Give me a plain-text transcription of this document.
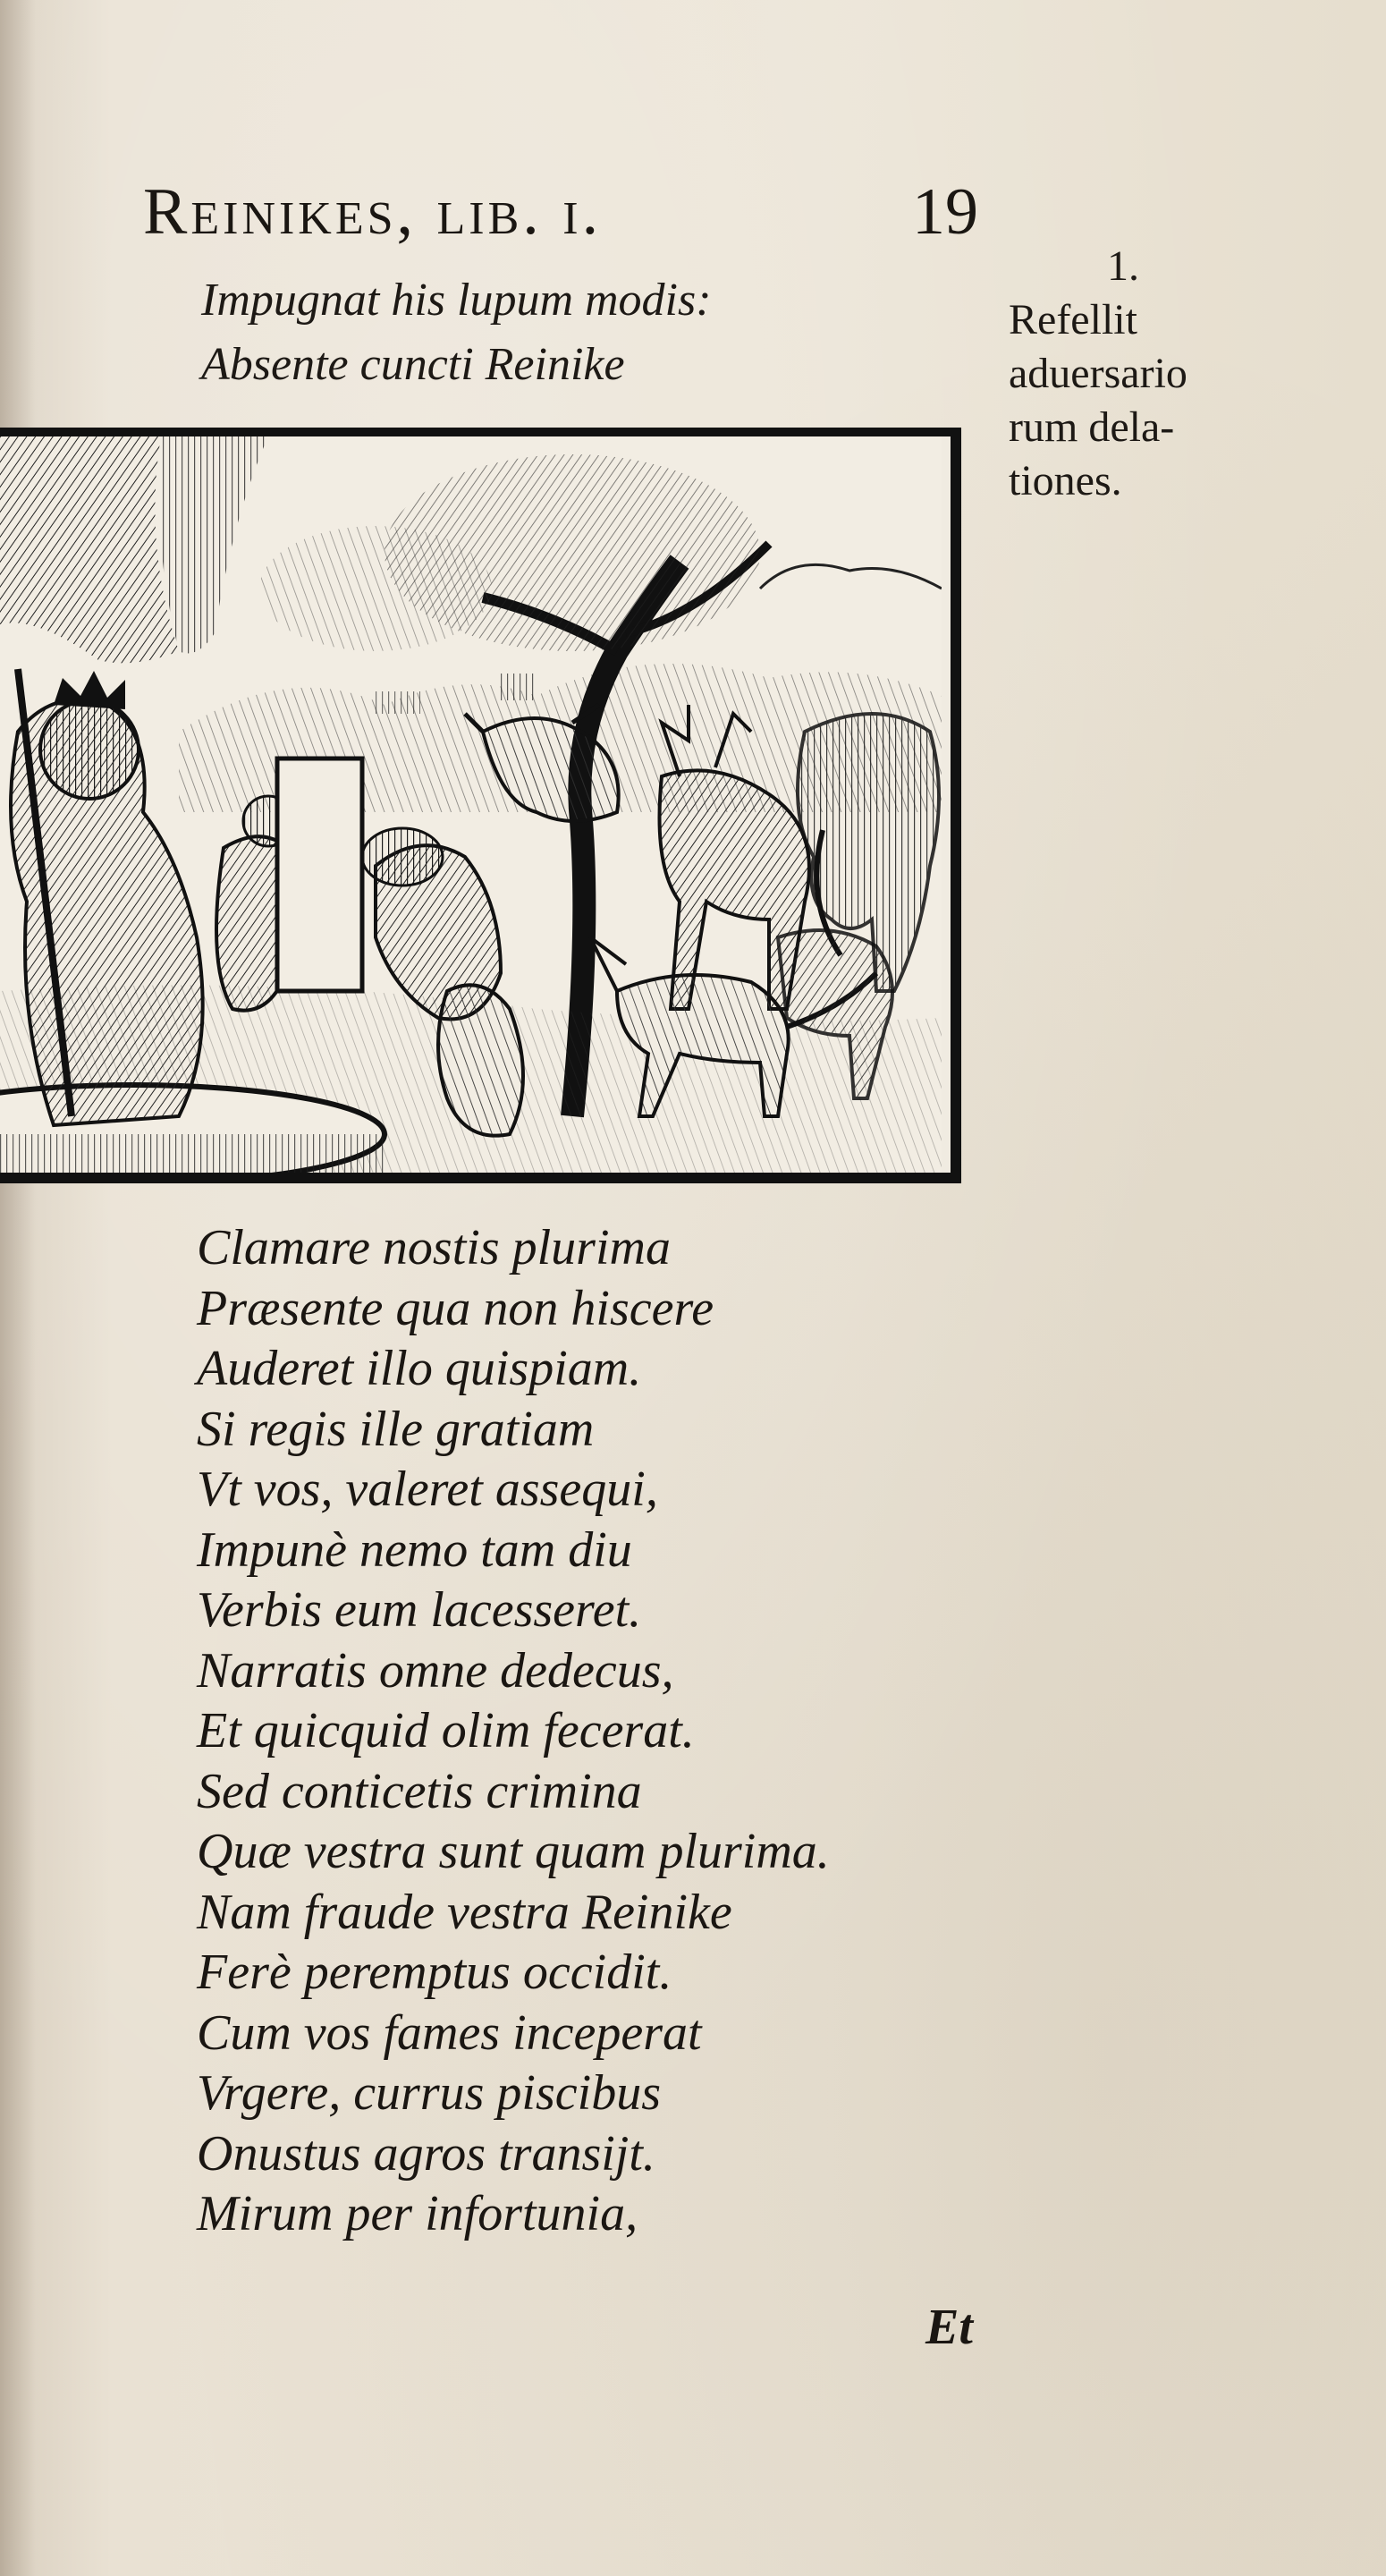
Reinikes, lib. i.	19
Impugnat his lupum modis:
Absente cuncti Reinike
1.
Refellit
aduersario
rum dela-
tiones.
Clamare nostis plurima
Præsente qua non hiscere
Auderet illo quispiam.
Si regis ille gratiam
Vt vos, valeret assequi,
Impunè nemo tam diu
Verbis eum lacesseret.
Narratis omne dedecus,
Et quicquid olim fecerat.
Sed conticetis crimina
Quæ vestra sunt quam plurima.
Nam fraude vestra Reinike
Ferè peremptus occidit.
Cum vos fames inceperat
Vrgere, currus piscibus
Onustus agros transijt.
Mirum per infortunia,
Et
